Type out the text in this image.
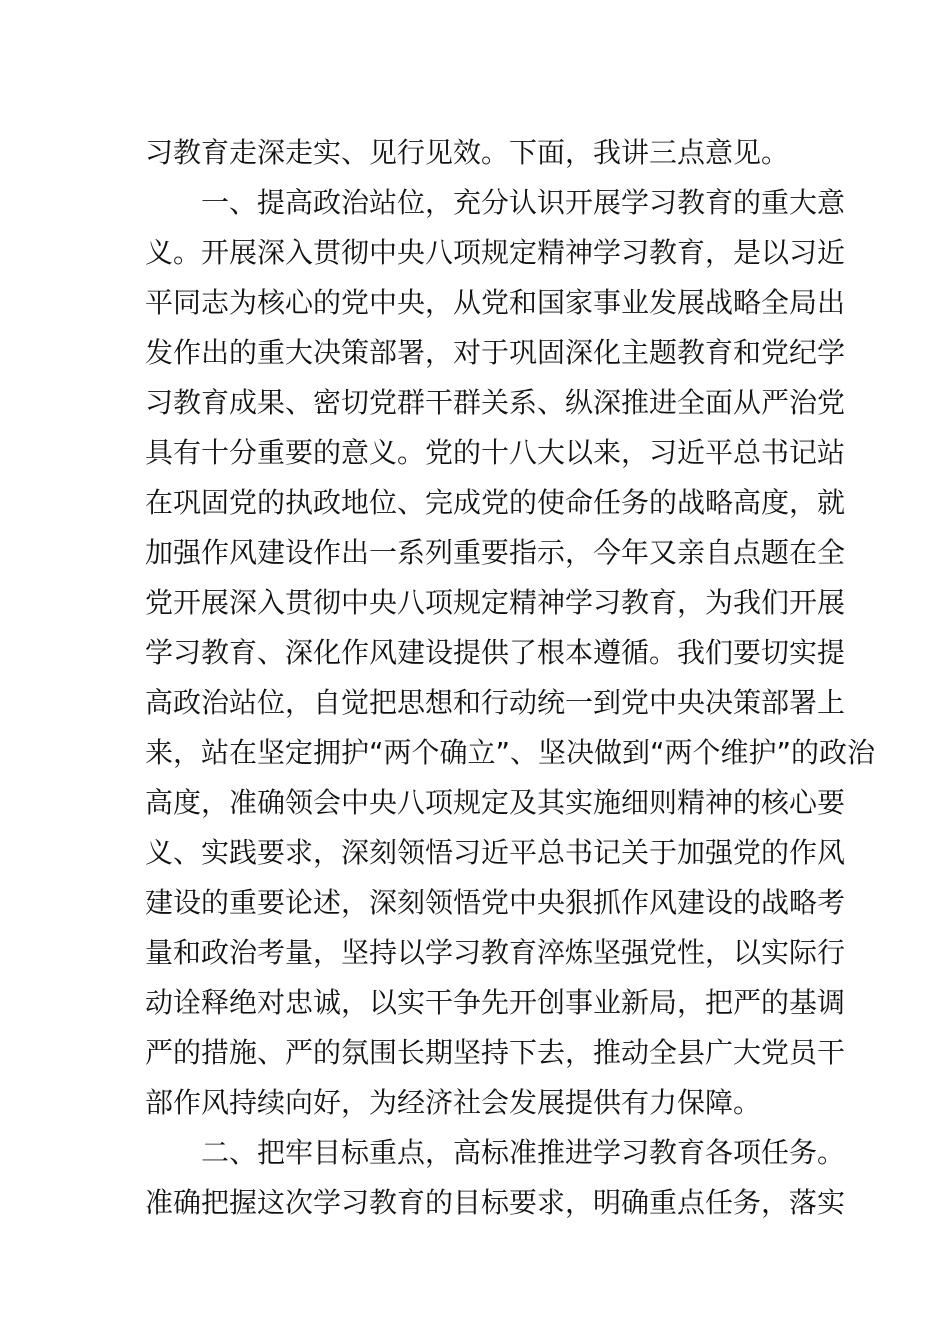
习教育走深走实、见行见效。下面，我讲三点意见。
　　一、提高政治站位，充分认识开展学习教育的重大意
义。开展深入贯彻中央八项规定精神学习教育，是以习近
平同志为核心的党中央，从党和国家事业发展战略全局出
发作出的重大决策部署，对于巩固深化主题教育和党纪学
习教育成果、密切党群干群关系、纵深推进全面从严治党
具有十分重要的意义。党的十八大以来，习近平总书记站
在巩固党的执政地位、完成党的使命任务的战略高度，就
加强作风建设作出一系列重要指示，今年又亲自点题在全
党开展深入贯彻中央八项规定精神学习教育，为我们开展
学习教育、深化作风建设提供了根本遵循。我们要切实提
高政治站位，自觉把思想和行动统一到党中央决策部署上
来，站在坚定拥护“两个确立”、坚决做到“两个维护”的政治
高度，准确领会中央八项规定及其实施细则精神的核心要
义、实践要求，深刻领悟习近平总书记关于加强党的作风
建设的重要论述，深刻领悟党中央狠抓作风建设的战略考
量和政治考量，坚持以学习教育淬炼坚强党性，以实际行
动诠释绝对忠诚，以实干争先开创事业新局，把严的基调
严的措施、严的氛围长期坚持下去，推动全县广大党员干
部作风持续向好，为经济社会发展提供有力保障。
　　二、把牢目标重点，高标准推进学习教育各项任务。
准确把握这次学习教育的目标要求，明确重点任务，落实
